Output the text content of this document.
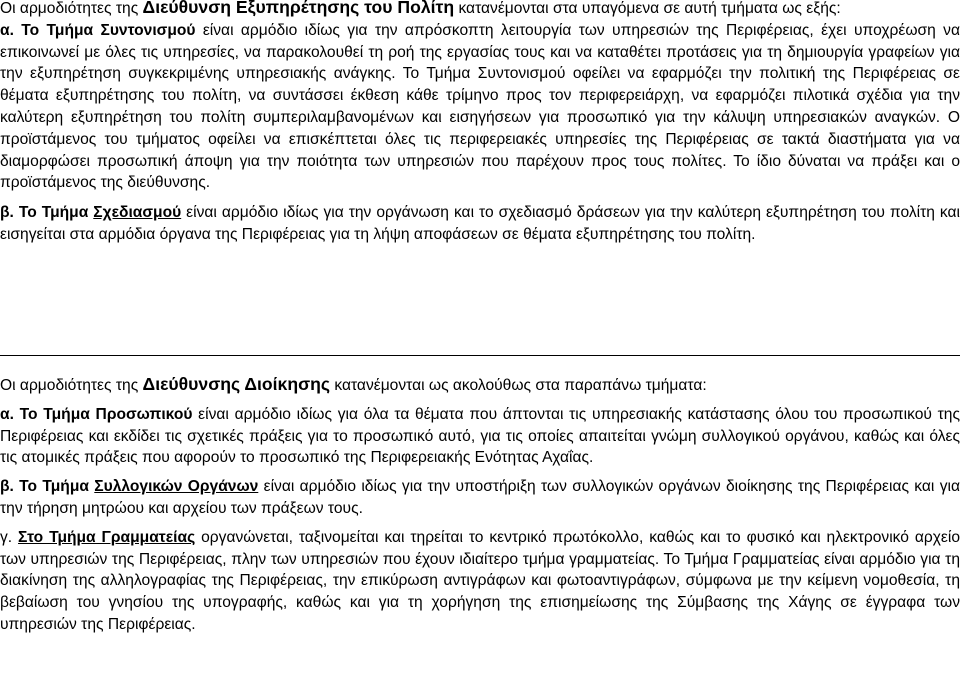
Οι αρμοδιότητες της Διεύθυνση Εξυπηρέτησης του Πολίτη κατανέμονται στα υπαγόμενα σε αυτή τμήματα ως εξής:

α. Το Τμήμα Συντονισμού είναι αρμόδιο ιδίως για την απρόσκοπτη λειτουργία των υπηρεσιών της Περιφέρειας, έχει υποχρέωση να επικοινωνεί με όλες τις υπηρεσίες, να παρακολουθεί τη ροή της εργασίας τους και να καταθέτει προτάσεις για τη δημιουργία γραφείων για την εξυπηρέτηση συγκεκριμένης υπηρεσιακής ανάγκης. Το Τμήμα Συντονισμού οφείλει να εφαρμόζει την πολιτική της Περιφέρειας σε θέματα εξυπηρέτησης του πολίτη, να συντάσσει έκθεση κάθε τρίμηνο προς τον περιφερειάρχη, να εφαρμόζει πιλοτικά σχέδια για την καλύτερη εξυπηρέτηση του πολίτη συμπεριλαμβανομένων και εισηγήσεων για προσωπικό για την κάλυψη υπηρεσιακών αναγκών. Ο προϊστάμενος του τμήματος οφείλει να επισκέπτεται όλες τις περιφερειακές υπηρεσίες της Περιφέρειας σε τακτά διαστήματα για να διαμορφώσει προσωπική άποψη για την ποιότητα των υπηρεσιών που παρέχουν προς τους πολίτες. Το ίδιο δύναται να πράξει και ο προϊστάμενος της διεύθυνσης.

β. Το Τμήμα Σχεδιασμού είναι αρμόδιο ιδίως για την οργάνωση και το σχεδιασμό δράσεων για την καλύτερη εξυπηρέτηση του πολίτη και εισηγείται στα αρμόδια όργανα της Περιφέρειας για τη λήψη αποφάσεων σε θέματα εξυπηρέτησης του πολίτη.

Οι αρμοδιότητες της Διεύθυνσης Διοίκησης κατανέμονται ως ακολούθως στα παραπάνω τμήματα:

α. Το Τμήμα Προσωπικού είναι αρμόδιο ιδίως για όλα τα θέματα που άπτονται τις υπηρεσιακής κατάστασης όλου του προσωπικού της Περιφέρειας και εκδίδει τις σχετικές πράξεις για το προσωπικό αυτό, για τις οποίες απαιτείται γνώμη συλλογικού οργάνου, καθώς και όλες τις ατομικές πράξεις που αφορούν το προσωπικό της Περιφερειακής Ενότητας Αχαΐας.

β. Το Τμήμα Συλλογικών Οργάνων είναι αρμόδιο ιδίως για την υποστήριξη των συλλογικών οργάνων διοίκησης της Περιφέρειας και για την τήρηση μητρώου και αρχείου των πράξεων τους.

γ. Στο Τμήμα Γραμματείας οργανώνεται, ταξινομείται και τηρείται το κεντρικό πρωτόκολλο, καθώς και το φυσικό και ηλεκτρονικό αρχείο των υπηρεσιών της Περιφέρειας, πλην των υπηρεσιών που έχουν ιδιαίτερο τμήμα γραμματείας. Το Τμήμα Γραμματείας είναι αρμόδιο για τη διακίνηση της αλληλογραφίας της Περιφέρειας, την επικύρωση αντιγράφων και φωτοαντιγράφων, σύμφωνα με την κείμενη νομοθεσία, τη βεβαίωση του γνησίου της υπογραφής, καθώς και για τη χορήγηση της επισημείωσης της Σύμβασης της Χάγης σε έγγραφα των υπηρεσιών της Περιφέρειας.
